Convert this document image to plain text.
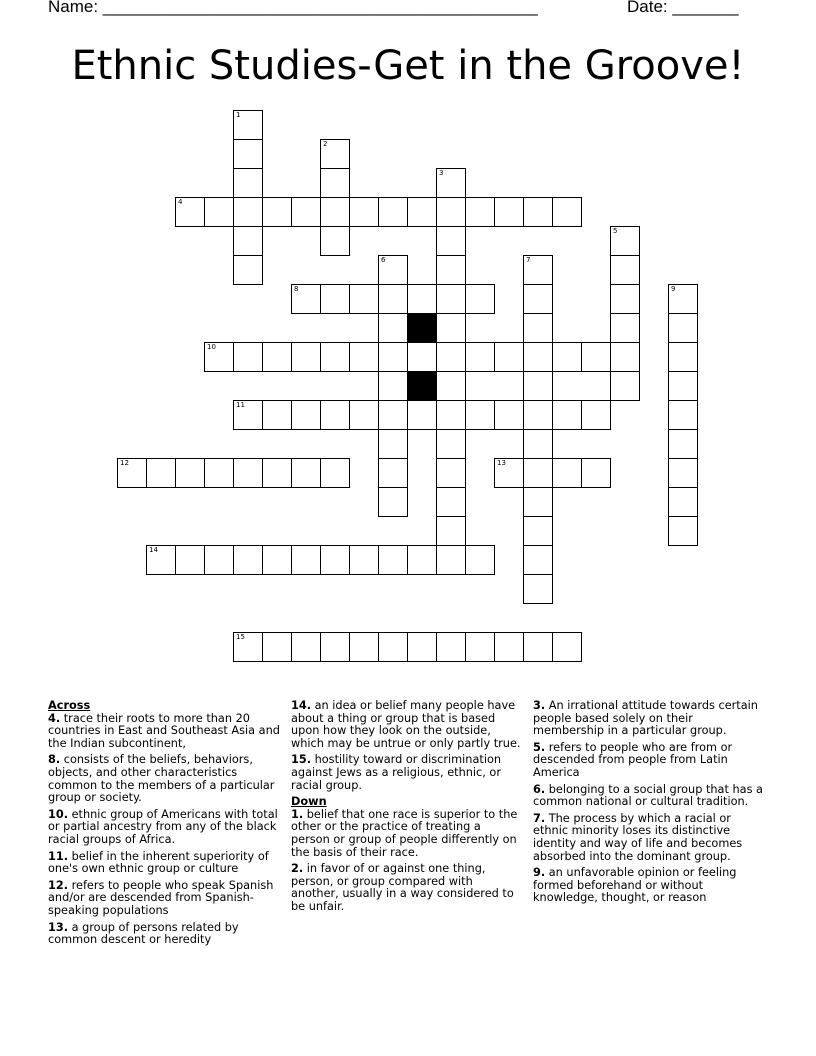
Name: ______________________________________________	Date: _______
Ethnic Studies-Get in the Groove!
1
2
3
4
5
6	7
8	9
10
11
12	13
14
15
Across
4. trace their roots to more than 20 countries in East and Southeast Asia and the Indian subcontinent,
8. consists of the beliefs, behaviors, objects, and other characteristics common to the members of a particular group or society.
10. ethnic group of Americans with total or partial ancestry from any of the black racial groups of Africa.
11. belief in the inherent superiority of one's own ethnic group or culture
12. refers to people who speak Spanish and/or are descended from Spanish-speaking populations
13. a group of persons related by common descent or heredity
14. an idea or belief many people have about a thing or group that is based upon how they look on the outside, which may be untrue or only partly true.
15. hostility toward or discrimination against Jews as a religious, ethnic, or racial group.
Down
1. belief that one race is superior to the other or the practice of treating a person or group of people differently on the basis of their race.
2. in favor of or against one thing, person, or group compared with another, usually in a way considered to be unfair.
3. An irrational attitude towards certain people based solely on their membership in a particular group.
5. refers to people who are from or descended from people from Latin America
6. belonging to a social group that has a common national or cultural tradition.
7. The process by which a racial or ethnic minority loses its distinctive identity and way of life and becomes absorbed into the dominant group.
9. an unfavorable opinion or feeling formed beforehand or without knowledge, thought, or reason
